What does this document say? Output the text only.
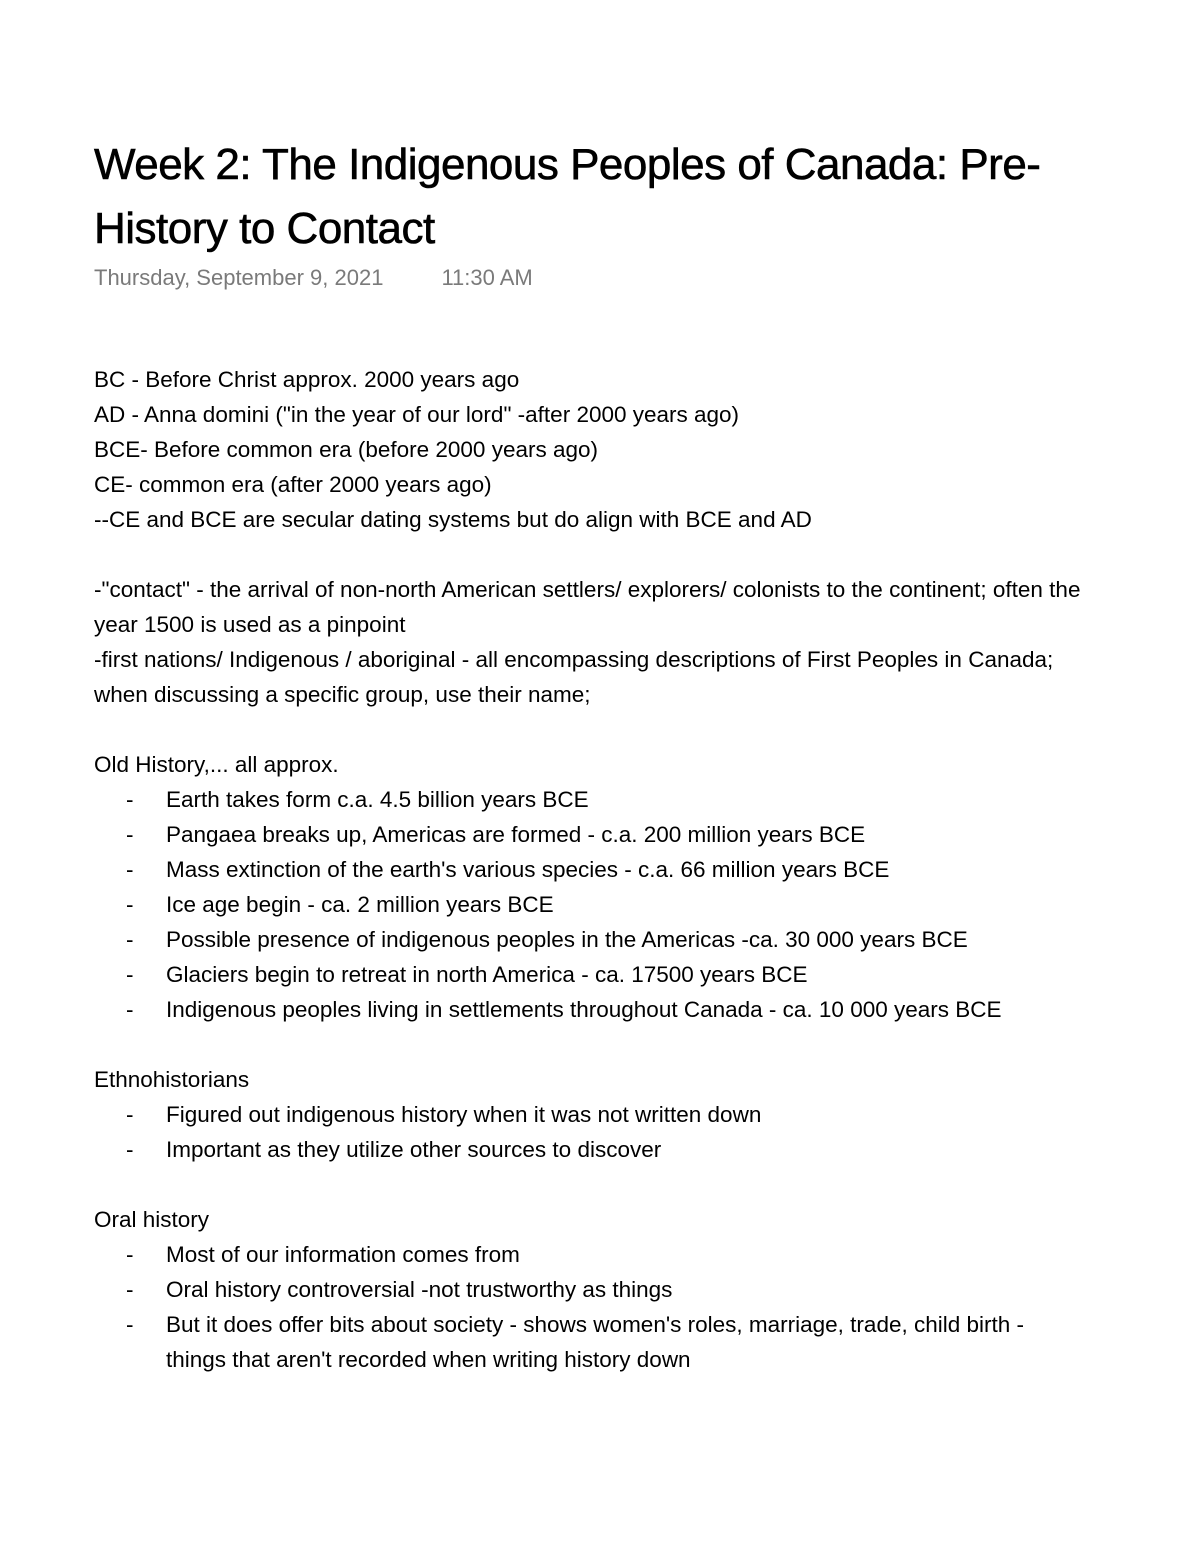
Week 2: The Indigenous Peoples of Canada: Pre-History to Contact
Thursday, September 9, 2021	11:30 AM
BC - Before Christ approx. 2000 years ago
AD - Anna domini ("in the year of our lord" -after 2000 years ago)
BCE- Before common era (before 2000 years ago)
CE- common era (after 2000 years ago)
--CE and BCE are secular dating systems but do align with BCE and AD
-"contact" - the arrival of non-north American settlers/ explorers/ colonists to the continent; often the year 1500 is used as a pinpoint
-first nations/ Indigenous / aboriginal - all encompassing descriptions of First Peoples in Canada; when discussing a specific group, use their name;
Old History,... all approx.
- Earth takes form c.a. 4.5 billion years BCE
- Pangaea breaks up, Americas are formed - c.a. 200 million years BCE
- Mass extinction of the earth's various species - c.a. 66 million years BCE
- Ice age begin - ca. 2 million years BCE
- Possible presence of indigenous peoples in the Americas -ca. 30 000 years BCE
- Glaciers begin to retreat in north America - ca. 17500 years BCE
- Indigenous peoples living in settlements throughout Canada - ca. 10 000 years BCE
Ethnohistorians
- Figured out indigenous history when it was not written down
- Important as they utilize other sources to discover
Oral history
- Most of our information comes from
- Oral history controversial -not trustworthy as things
- But it does offer bits about society - shows women's roles, marriage, trade, child birth - things that aren't recorded when writing history down
